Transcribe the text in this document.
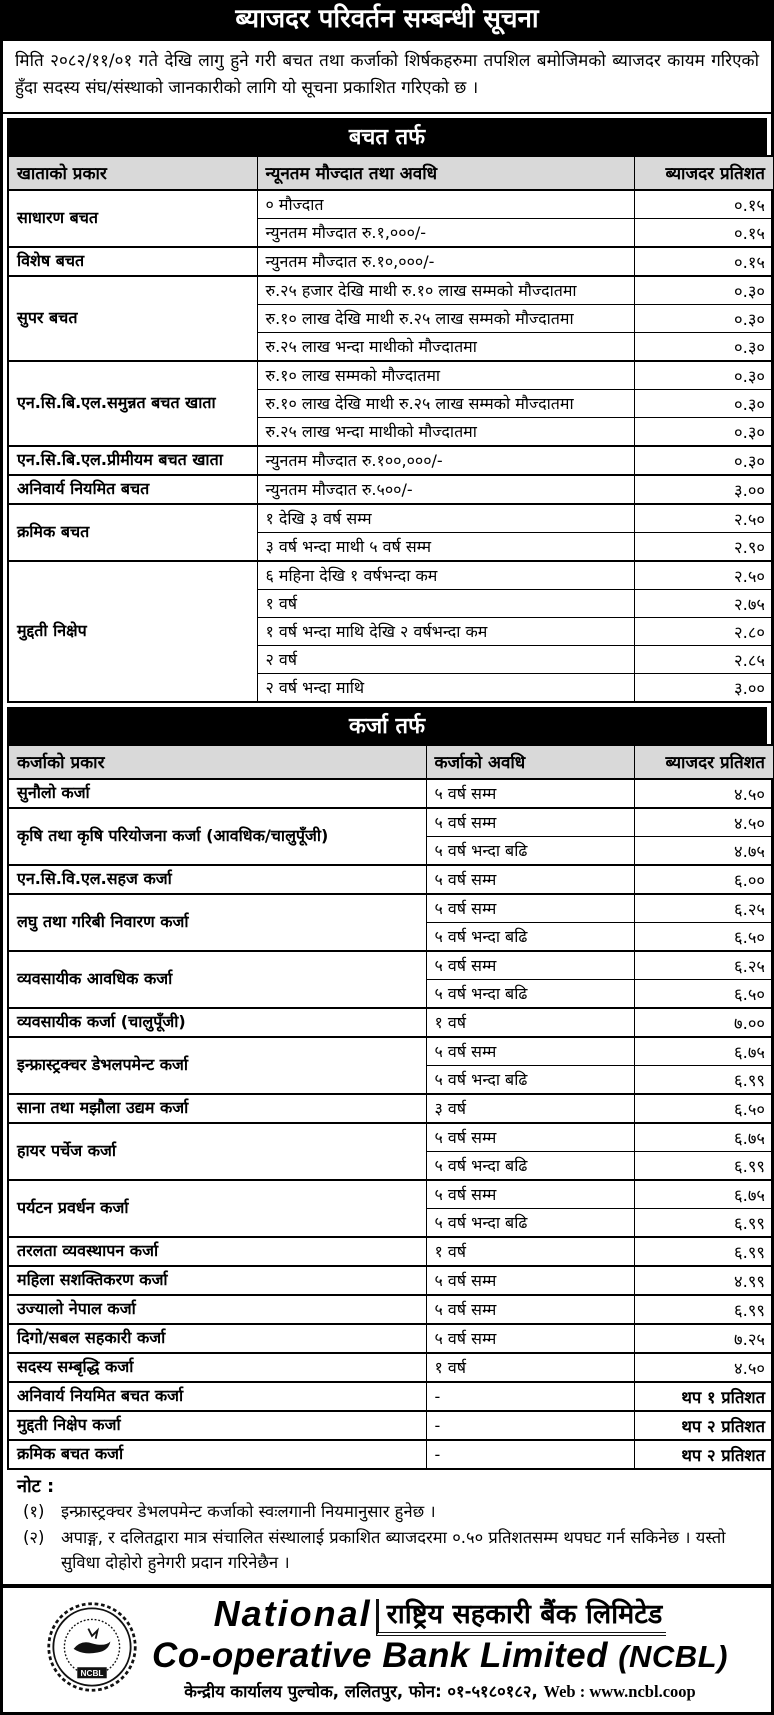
ब्याजदर परिवर्तन सम्बन्धी सूचना
मिति २०८२/११/०१ गते देखि लागु हुने गरी बचत तथा कर्जाको शिर्षकहरुमा तपशिल बमोजिमको ब्याजदर कायम गरिएको हुँदा सदस्य संघ/संस्थाको जानकारीको लागि यो सूचना प्रकाशित गरिएको छ ।
बचत तर्फ
खाताको प्रकार	न्यूनतम मौज्दात तथा अवधि	ब्याजदर प्रतिशत
साधारण बचत	० मौज्दात	०.१५
	न्युनतम मौज्दात रु.१,०००/-	०.१५
विशेष बचत	न्युनतम मौज्दात रु.१०,०००/-	०.१५
सुपर बचत	रु.२५ हजार देखि माथी रु.१० लाख सम्मको मौज्दातमा	०.३०
	रु.१० लाख देखि माथी रु.२५ लाख सम्मको मौज्दातमा	०.३०
	रु.२५ लाख भन्दा माथीको मौज्दातमा	०.३०
एन.सि.बि.एल.समुन्नत बचत खाता	रु.१० लाख सम्मको मौज्दातमा	०.३०
	रु.१० लाख देखि माथी रु.२५ लाख सम्मको मौज्दातमा	०.३०
	रु.२५ लाख भन्दा माथीको मौज्दातमा	०.३०
एन.सि.बि.एल.प्रीमीयम बचत खाता	न्युनतम मौज्दात रु.१००,०००/-	०.३०
अनिवार्य नियमित बचत	न्युनतम मौज्दात रु.५००/-	३.००
क्रमिक बचत	१ देखि ३ वर्ष सम्म	२.५०
	३ वर्ष भन्दा माथी ५ वर्ष सम्म	२.९०
मुद्दती निक्षेप	६ महिना देखि १ वर्षभन्दा कम	२.५०
	१ वर्ष	२.७५
	१ वर्ष भन्दा माथि देखि २ वर्षभन्दा कम	२.८०
	२ वर्ष	२.८५
	२ वर्ष भन्दा माथि	३.००
कर्जा तर्फ
कर्जाको प्रकार	कर्जाको अवधि	ब्याजदर प्रतिशत
सुनौलो कर्जा	५ वर्ष सम्म	४.५०
कृषि तथा कृषि परियोजना कर्जा (आवधिक/चालुपूँजी)	५ वर्ष सम्म	४.५०
	५ वर्ष भन्दा बढि	४.७५
एन.सि.वि.एल.सहज कर्जा	५ वर्ष सम्म	६.००
लघु तथा गरिबी निवारण कर्जा	५ वर्ष सम्म	६.२५
	५ वर्ष भन्दा बढि	६.५०
व्यवसायीक आवधिक कर्जा	५ वर्ष सम्म	६.२५
	५ वर्ष भन्दा बढि	६.५०
व्यवसायीक कर्जा (चालुपूँजी)	१ वर्ष	७.००
इन्फ्रास्ट्रक्चर डेभलपमेन्ट कर्जा	५ वर्ष सम्म	६.७५
	५ वर्ष भन्दा बढि	६.९९
साना तथा मझौला उद्यम कर्जा	३ वर्ष	६.५०
हायर पर्चेज कर्जा	५ वर्ष सम्म	६.७५
	५ वर्ष भन्दा बढि	६.९९
पर्यटन प्रवर्धन कर्जा	५ वर्ष सम्म	६.७५
	५ वर्ष भन्दा बढि	६.९९
तरलता व्यवस्थापन कर्जा	१ वर्ष	६.९९
महिला सशक्तिकरण कर्जा	५ वर्ष सम्म	४.९९
उज्यालो नेपाल कर्जा	५ वर्ष सम्म	६.९९
दिगो/सबल सहकारी कर्जा	५ वर्ष सम्म	७.२५
सदस्य सम्बृद्धि कर्जा	१ वर्ष	४.५०
अनिवार्य नियमित बचत कर्जा	-	थप १ प्रतिशत
मुद्दती निक्षेप कर्जा	-	थप २ प्रतिशत
क्रमिक बचत कर्जा	-	थप २ प्रतिशत
नोट :
(१)	इन्फ्रास्ट्रक्चर डेभलपमेन्ट कर्जाको स्वःलगानी नियमानुसार हुनेछ ।
(२)	अपाङ्ग, र दलितद्वारा मात्र संचालित संस्थालाई प्रकाशित ब्याजदरमा ०.५० प्रतिशतसम्म थपघट गर्न सकिनेछ । यस्तो सुविधा दोहोरो हुनेगरी प्रदान गरिनेछैन ।
NCBL
National राष्ट्रिय सहकारी बैंक लिमिटेड
Co-operative Bank Limited (NCBL)
केन्द्रीय कार्यालय पुल्चोक, ललितपुर, फोन: ०१-५१८०१८२, Web : www.ncbl.coop
